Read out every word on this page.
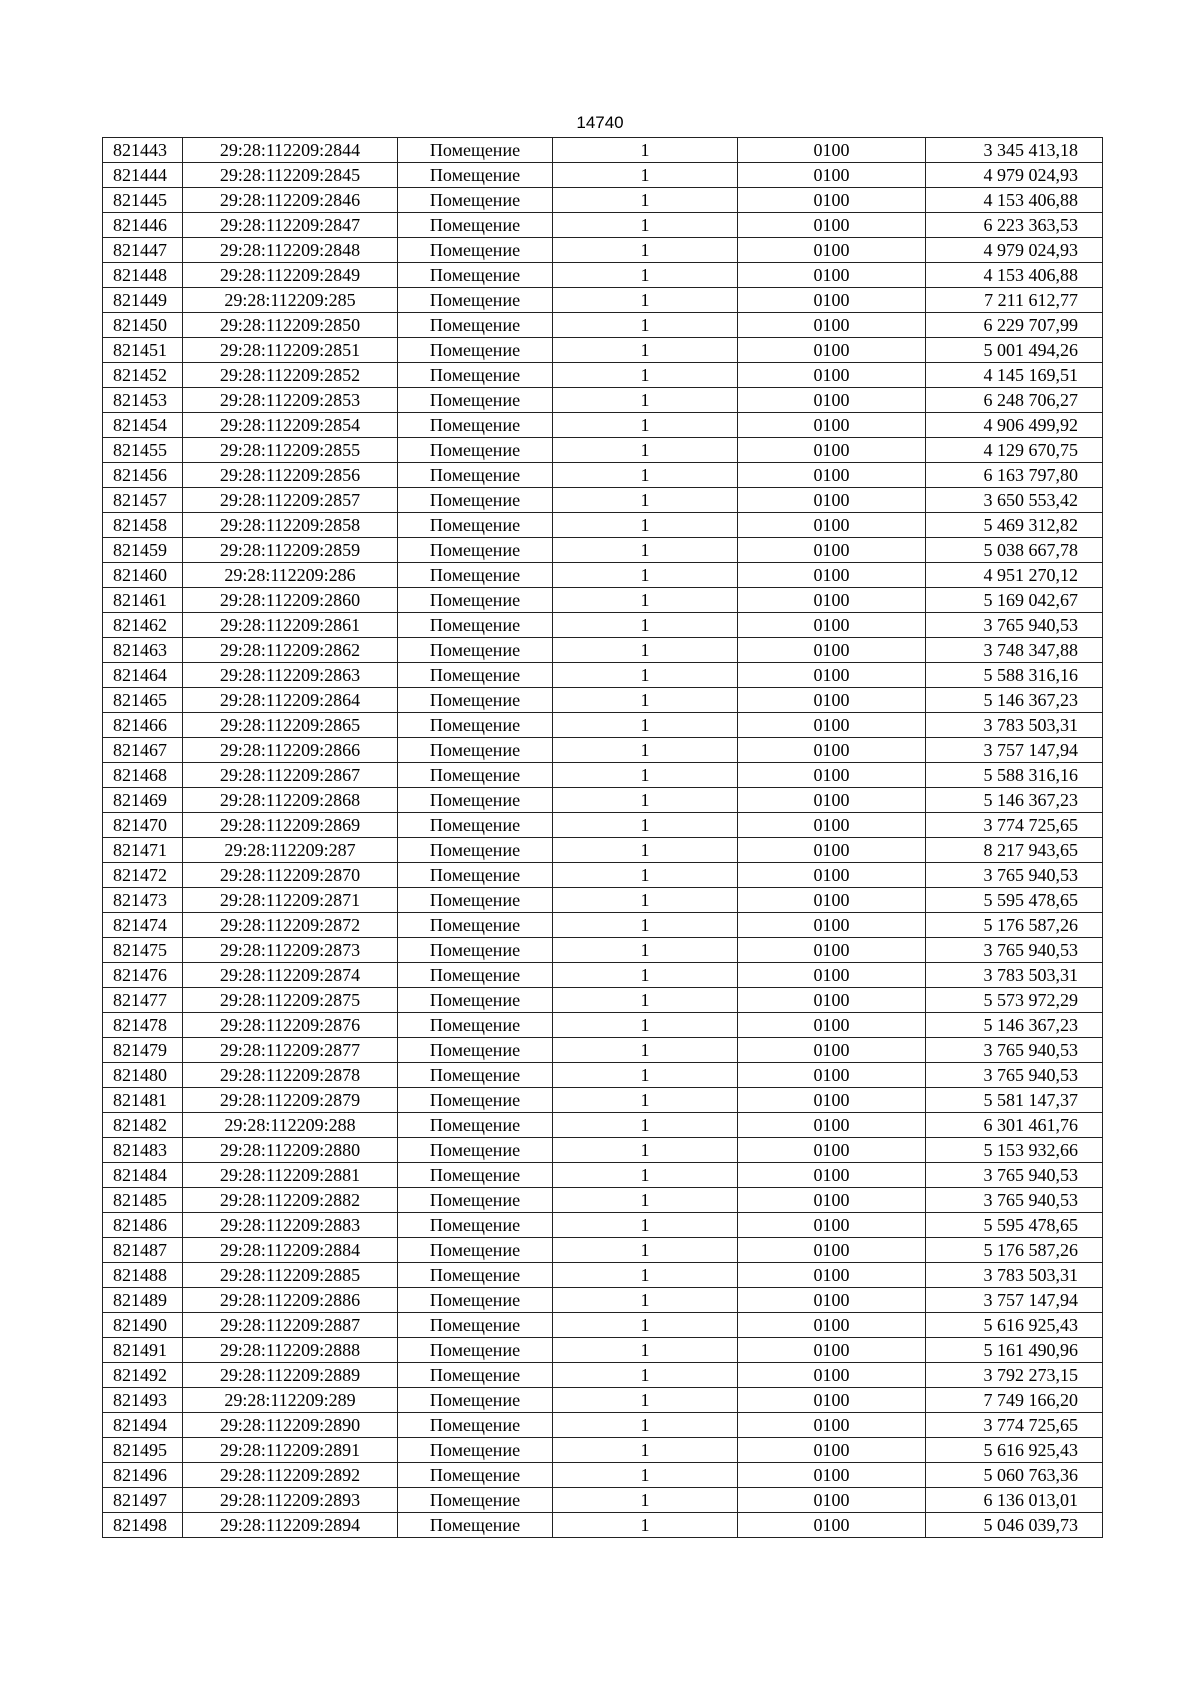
14740
821443	29:28:112209:2844	Помещение	1	0100	3 345 413,18
821444	29:28:112209:2845	Помещение	1	0100	4 979 024,93
821445	29:28:112209:2846	Помещение	1	0100	4 153 406,88
821446	29:28:112209:2847	Помещение	1	0100	6 223 363,53
821447	29:28:112209:2848	Помещение	1	0100	4 979 024,93
821448	29:28:112209:2849	Помещение	1	0100	4 153 406,88
821449	29:28:112209:285	Помещение	1	0100	7 211 612,77
821450	29:28:112209:2850	Помещение	1	0100	6 229 707,99
821451	29:28:112209:2851	Помещение	1	0100	5 001 494,26
821452	29:28:112209:2852	Помещение	1	0100	4 145 169,51
821453	29:28:112209:2853	Помещение	1	0100	6 248 706,27
821454	29:28:112209:2854	Помещение	1	0100	4 906 499,92
821455	29:28:112209:2855	Помещение	1	0100	4 129 670,75
821456	29:28:112209:2856	Помещение	1	0100	6 163 797,80
821457	29:28:112209:2857	Помещение	1	0100	3 650 553,42
821458	29:28:112209:2858	Помещение	1	0100	5 469 312,82
821459	29:28:112209:2859	Помещение	1	0100	5 038 667,78
821460	29:28:112209:286	Помещение	1	0100	4 951 270,12
821461	29:28:112209:2860	Помещение	1	0100	5 169 042,67
821462	29:28:112209:2861	Помещение	1	0100	3 765 940,53
821463	29:28:112209:2862	Помещение	1	0100	3 748 347,88
821464	29:28:112209:2863	Помещение	1	0100	5 588 316,16
821465	29:28:112209:2864	Помещение	1	0100	5 146 367,23
821466	29:28:112209:2865	Помещение	1	0100	3 783 503,31
821467	29:28:112209:2866	Помещение	1	0100	3 757 147,94
821468	29:28:112209:2867	Помещение	1	0100	5 588 316,16
821469	29:28:112209:2868	Помещение	1	0100	5 146 367,23
821470	29:28:112209:2869	Помещение	1	0100	3 774 725,65
821471	29:28:112209:287	Помещение	1	0100	8 217 943,65
821472	29:28:112209:2870	Помещение	1	0100	3 765 940,53
821473	29:28:112209:2871	Помещение	1	0100	5 595 478,65
821474	29:28:112209:2872	Помещение	1	0100	5 176 587,26
821475	29:28:112209:2873	Помещение	1	0100	3 765 940,53
821476	29:28:112209:2874	Помещение	1	0100	3 783 503,31
821477	29:28:112209:2875	Помещение	1	0100	5 573 972,29
821478	29:28:112209:2876	Помещение	1	0100	5 146 367,23
821479	29:28:112209:2877	Помещение	1	0100	3 765 940,53
821480	29:28:112209:2878	Помещение	1	0100	3 765 940,53
821481	29:28:112209:2879	Помещение	1	0100	5 581 147,37
821482	29:28:112209:288	Помещение	1	0100	6 301 461,76
821483	29:28:112209:2880	Помещение	1	0100	5 153 932,66
821484	29:28:112209:2881	Помещение	1	0100	3 765 940,53
821485	29:28:112209:2882	Помещение	1	0100	3 765 940,53
821486	29:28:112209:2883	Помещение	1	0100	5 595 478,65
821487	29:28:112209:2884	Помещение	1	0100	5 176 587,26
821488	29:28:112209:2885	Помещение	1	0100	3 783 503,31
821489	29:28:112209:2886	Помещение	1	0100	3 757 147,94
821490	29:28:112209:2887	Помещение	1	0100	5 616 925,43
821491	29:28:112209:2888	Помещение	1	0100	5 161 490,96
821492	29:28:112209:2889	Помещение	1	0100	3 792 273,15
821493	29:28:112209:289	Помещение	1	0100	7 749 166,20
821494	29:28:112209:2890	Помещение	1	0100	3 774 725,65
821495	29:28:112209:2891	Помещение	1	0100	5 616 925,43
821496	29:28:112209:2892	Помещение	1	0100	5 060 763,36
821497	29:28:112209:2893	Помещение	1	0100	6 136 013,01
821498	29:28:112209:2894	Помещение	1	0100	5 046 039,73
